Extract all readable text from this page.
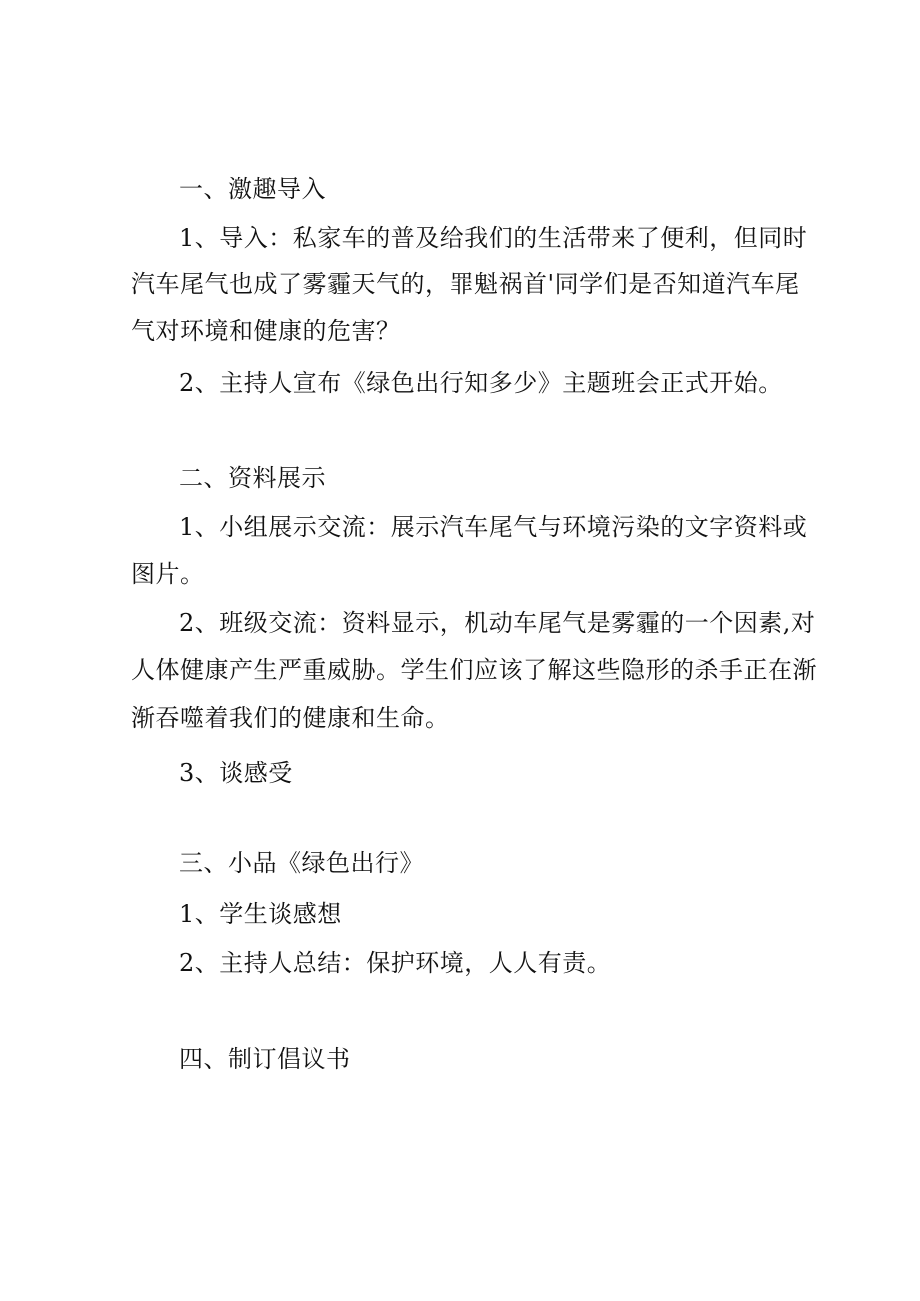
一、激趣导入

1、导入：私家车的普及给我们的生活带来了便利，但同时

汽车尾气也成了雾霾天气的，罪魁祸首'同学们是否知道汽车尾

气对环境和健康的危害？

2、主持人宣布《绿色出行知多少》主题班会正式开始。

二、资料展示

1、小组展示交流：展示汽车尾气与环境污染的文字资料或

图片。

2、班级交流：资料显示，机动车尾气是雾霾的一个因素,对

人体健康产生严重威胁。学生们应该了解这些隐形的杀手正在渐

渐吞噬着我们的健康和生命。

3、谈感受

三、小品《绿色出行》

1、学生谈感想

2、主持人总结：保护环境，人人有责。

四、制订倡议书
